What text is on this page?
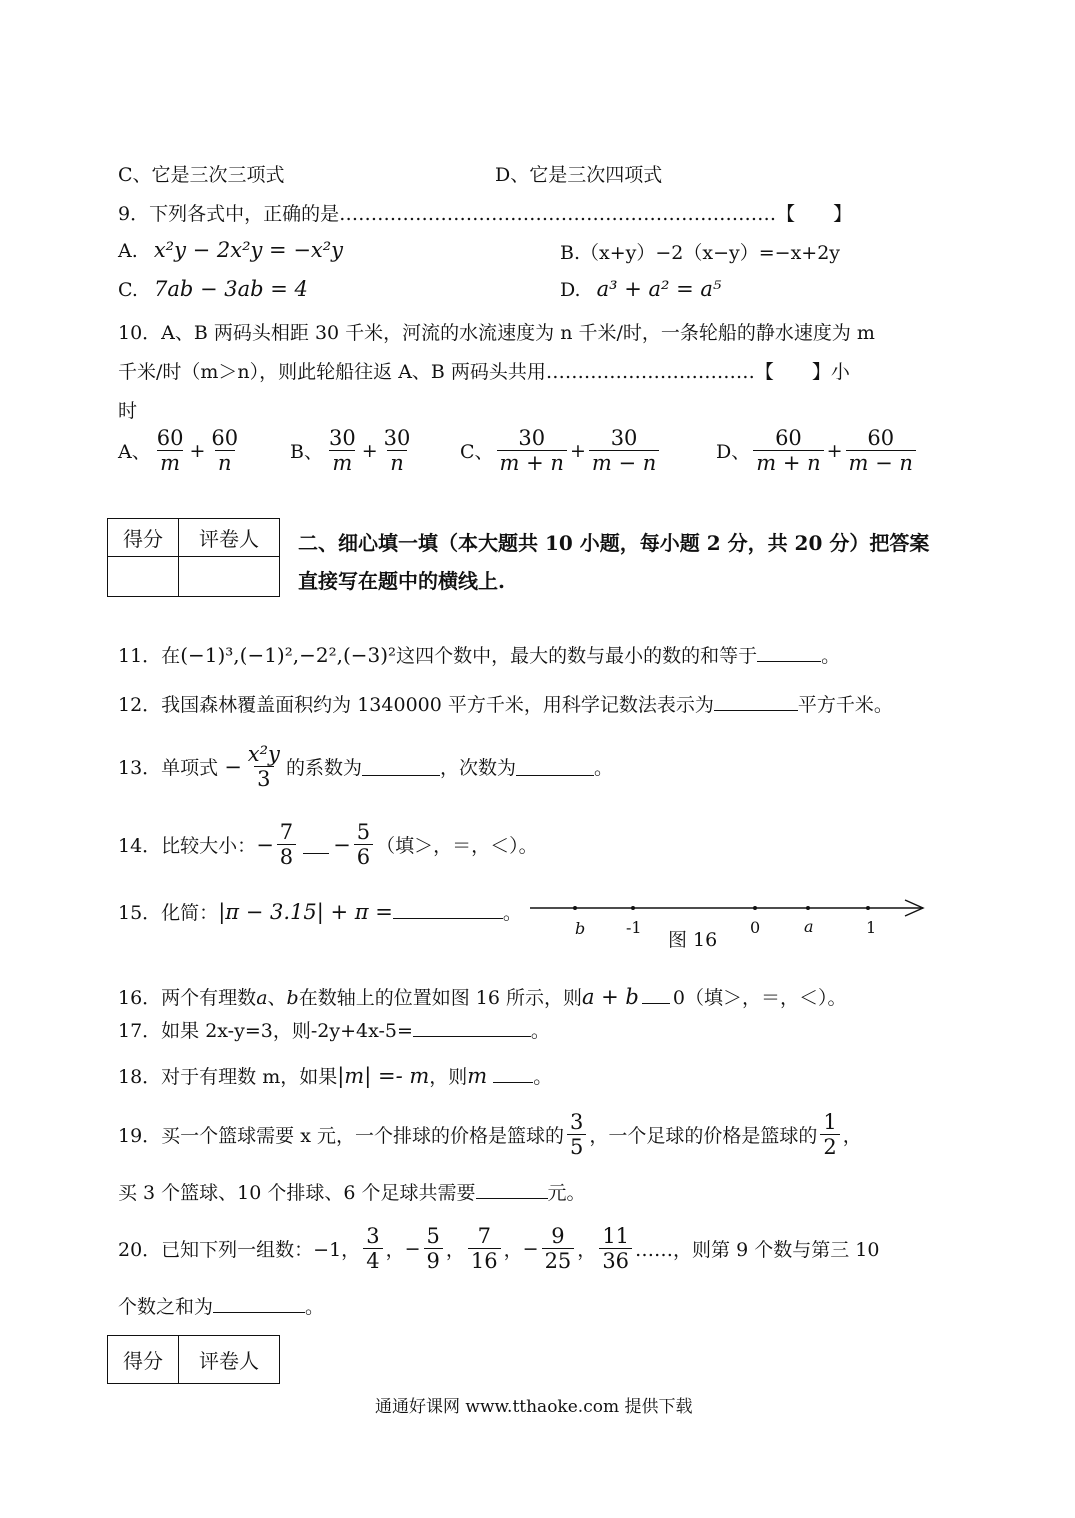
C、它是三次三项式	D、它是三次四项式
9．下列各式中，正确的是……………………………………………………………【　　】
A. x²y − 2x²y = −x²y	B.（x+y）−2（x−y）=−x+2y
C. 7ab − 3ab = 4	D. a³ + a² = a⁵
10．A、B 两码头相距 30 千米，河流的水流速度为 n 千米/时，一条轮船的静水速度为 m
千米/时（m＞n），则此轮船往返 A、B 两码头共用……………………………【　　】小
时
A、 $\frac{60}{m} + \frac{60}{n}$	B、 $\frac{30}{m} + \frac{30}{n}$ C、 $\frac{30}{m + n} + \frac{30}{m - n}$	D、 $\frac{60}{m + n} + \frac{60}{m - n}$
得分	评卷人
	二、细心填一填（本大题共 10 小题，每小题 2 分，共 20 分）把答案
直接写在题中的横线上.
11．在(−1)³,(−1)²,−2²,(−3)²这四个数中，最大的数与最小的数的和等于	。
12．我国森林覆盖面积约为 1340000 平方千米，用科学记数法表示为	平方千米。
13．单项式 − $\frac{\text{x²y}}{3}$ 的系数为	，次数为	。
14．比较大小： − $\frac{7}{8} - \frac{5}{6}$ （填＞，＝，＜）。
15．化简：|π − 3.15| + π =	。
b	-1	0	a	1
图 16
16．两个有理数a、b在数轴上的位置如图 16 所示，则a + b 0（填＞，＝，＜）。
17．如果 2x-y=3，则-2y+4x-5=	。
18．对于有理数 m，如果|m| =- m，则m 。
19．买一个篮球需要 x 元，一个排球的价格是篮球的 $\frac{3}{5}$ ，一个足球的价格是篮球的 $\frac{1}{2}$ ，
买 3 个篮球、10 个排球、6 个足球共需要	元。
20．已知下列一组数：−1， $\frac{3}{4}$ ， − $\frac{5}{9}$ ， $\frac{7}{16}$ ， − $\frac{9}{25}$ ， $\frac{11}{36}$ ……，则第 9 个数与第三 10
个数之和为	。
得分	评卷人
通通好课网 www.tthaoke.com 提供下载
